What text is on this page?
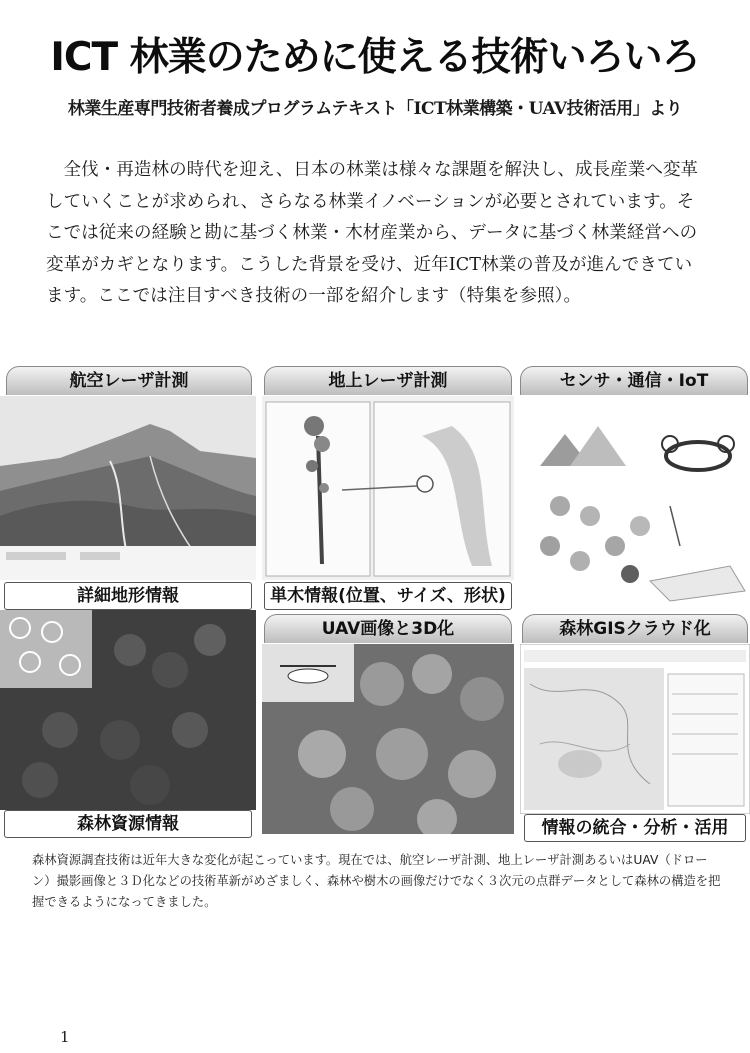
ICT 林業のために使える技術いろいろ
林業生産専門技術者養成プログラムテキスト「ICT林業構築・UAV技術活用」より

全伐・再造林の時代を迎え、日本の林業は様々な課題を解決し、成長産業へ変革していくことが求められ、さらなる林業イノベーションが必要とされています。そこでは従来の経験と勘に基づく林業・木材産業から、データに基づく林業経営への変革がカギとなります。こうした背景を受け、近年ICT林業の普及が進んできています。ここでは注目すべき技術の一部を紹介します（特集を参照）。

航空レーザ計測
詳細地形情報
地上レーザ計測
単木情報(位置、サイズ、形状)
センサ・通信・IoT
森林資源情報
UAV画像と3D化	森林GISクラウド化
情報の統合・分析・活用
森林資源調査技術は近年大きな変化が起こっています。現在では、航空レーザ計測、地上レーザ計測あるいはUAV（ドローン）撮影画像と３Ｄ化などの技術革新がめざましく、森林や樹木の画像だけでなく３次元の点群データとして森林の構造を把握できるようになってきました。
1
